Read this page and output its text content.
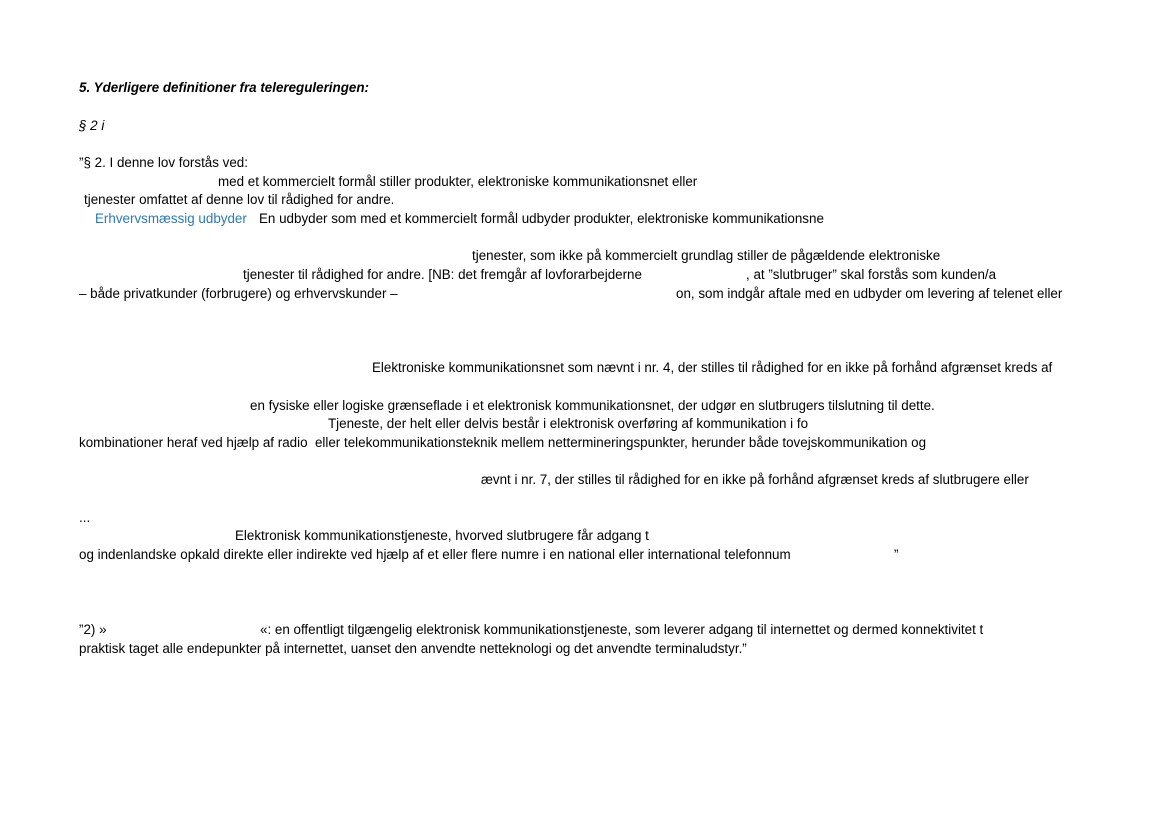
5. Yderligere definitioner fra telereguleringen:
§ 2 i
”§ 2. I denne lov forstås ved:
med et kommercielt formål stiller produkter, elektroniske kommunikationsnet eller
tjenester omfattet af denne lov til rådighed for andre.
Erhvervsmæssig udbyder En udbyder som med et kommercielt formål udbyder produkter, elektroniske kommunikationsne
tjenester, som ikke på kommercielt grundlag stiller de pågældende elektroniske
tjenester til rådighed for andre. [NB: det fremgår af lovforarbejderne	, at ”slutbruger” skal forstås som kunden/a
– både privatkunder (forbrugere) og erhvervskunder –	on, som indgår aftale med en udbyder om levering af telenet eller
Elektroniske kommunikationsnet som nævnt i nr. 4, der stilles til rådighed for en ikke på forhånd afgrænset kreds af
en fysiske eller logiske grænseflade i et elektronisk kommunikationsnet, der udgør en slutbrugers tilslutning til dette.
Tjeneste, der helt eller delvis består i elektronisk overføring af kommunikation i fo
kombinationer heraf ved hjælp af radio  eller telekommunikationsteknik mellem nettermineringspunkter, herunder både tovejskommunikation og
ævnt i nr. 7, der stilles til rådighed for en ikke på forhånd afgrænset kreds af slutbrugere eller
...
Elektronisk kommunikationstjeneste, hvorved slutbrugere får adgang t
og indenlandske opkald direkte eller indirekte ved hjælp af et eller flere numre i en national eller international telefonnum	”
”2) »	«: en offentligt tilgængelig elektronisk kommunikationstjeneste, som leverer adgang til internettet og dermed konnektivitet t
praktisk taget alle endepunkter på internettet, uanset den anvendte netteknologi og det anvendte terminaludstyr.”
